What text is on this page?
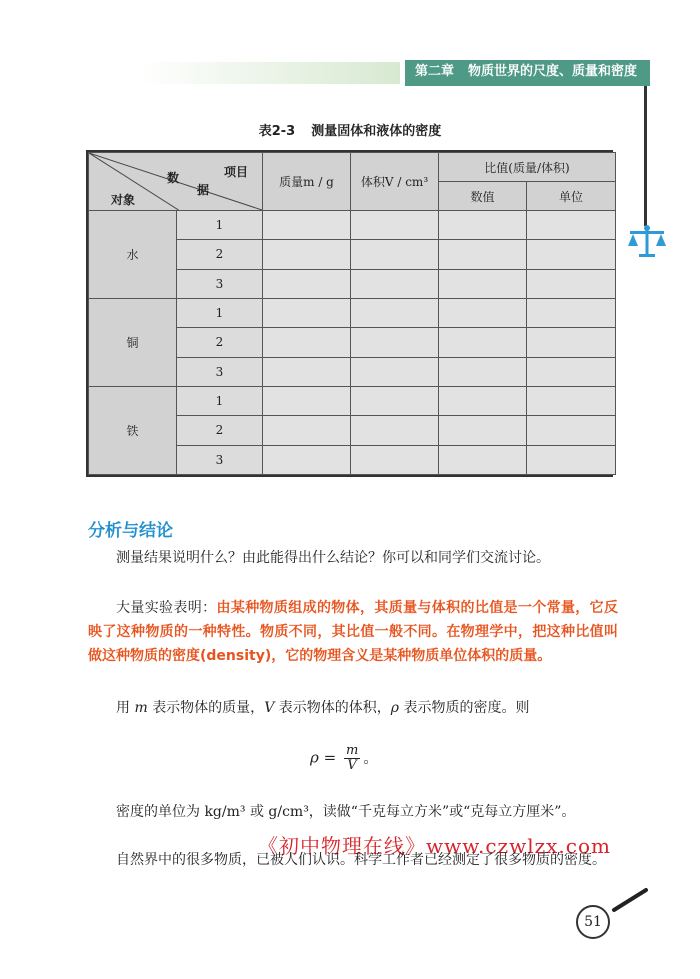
第二章 物质世界的尺度、质量和密度
表2-3 测量固体和液体的密度
项目
数
据
对象		质量m / g	体积V / cm³	比值(质量/体积)	
				数值	单位
水	1				
	2				
	3				
铜	1				
	2				
	3				
铁	1				
	2				
	3				
分析与结论

测量结果说明什么？由此能得出什么结论？你可以和同学们交流讨论。

大量实验表明：由某种物质组成的物体，其质量与体积的比值是一个常量，它反映了这种物质的一种特性。物质不同，其比值一般不同。在物理学中，把这种比值叫做这种物质的密度(density)，它的物理含义是某种物质单位体积的质量。

用 m 表示物体的质量，V 表示物体的体积，ρ 表示物质的密度。则

$\rho = \frac{m}{V}$ 。

密度的单位为 kg/m³ 或 g/cm³，读做“千克每立方米”或“克每立方厘米”。

《初中物理在线》www.czwlzx.com

自然界中的很多物质，已被人们认识。科学工作者已经测定了很多物质的密度。

51
